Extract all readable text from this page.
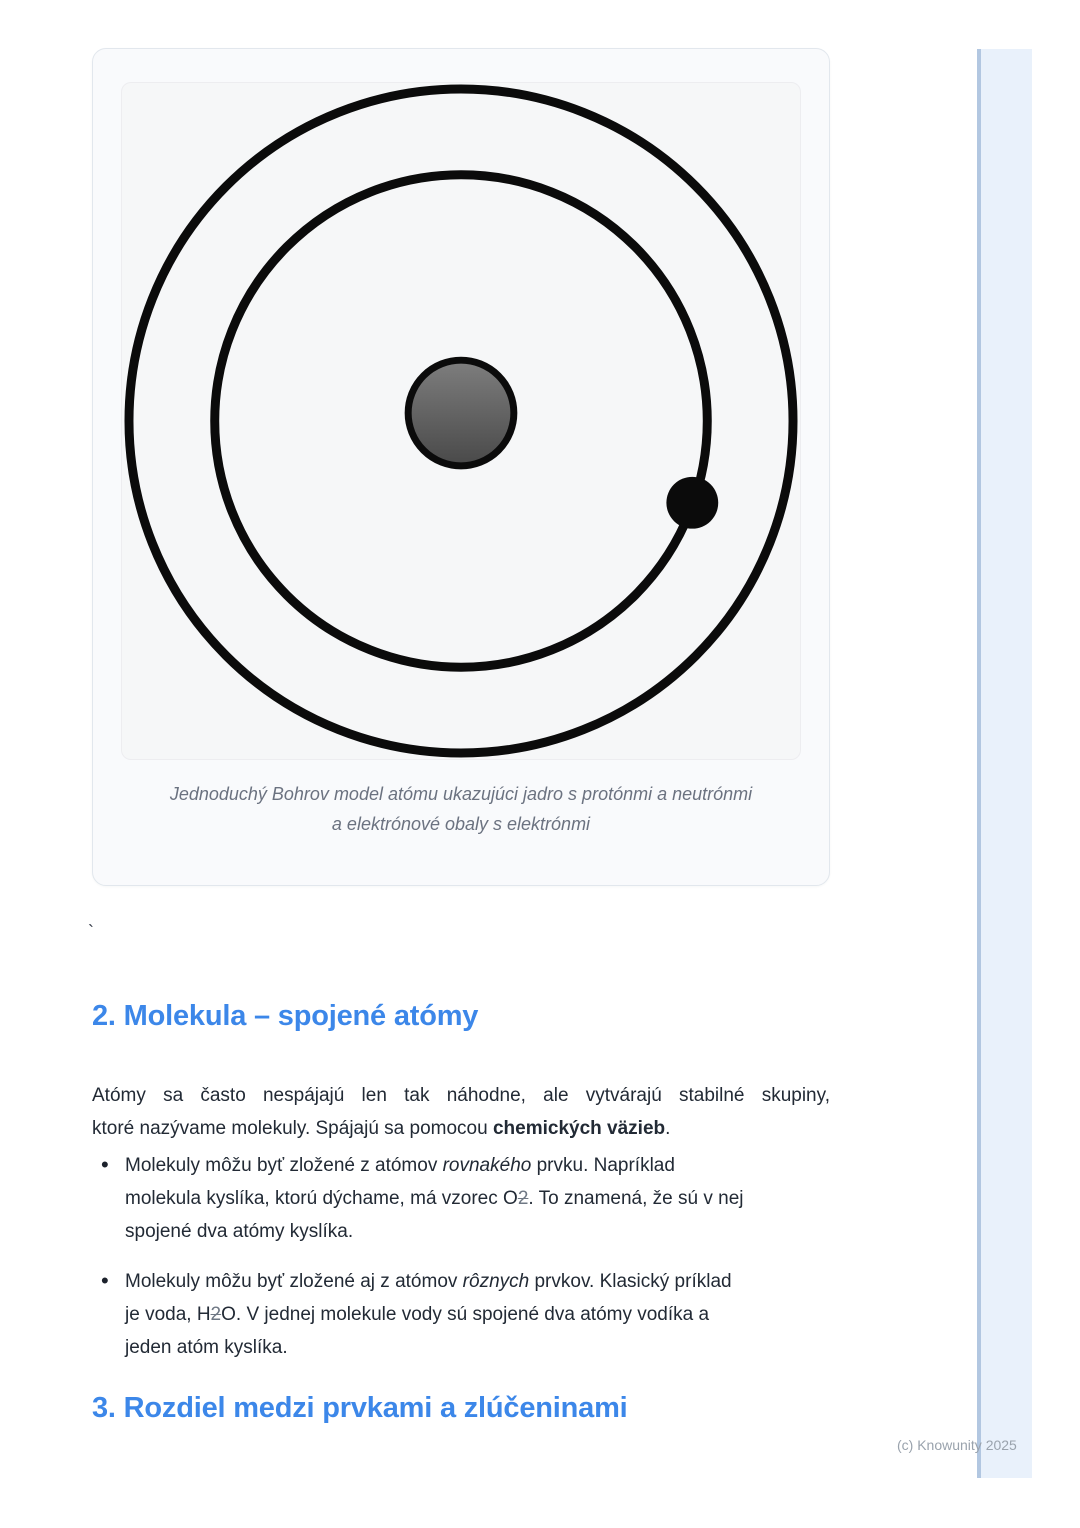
Jednoduchý Bohrov model atómu ukazujúci jadro s protónmi a neutrónmi
a elektrónové obaly s elektrónmi
`
2. Molekula – spojené atómy

Atómy sa často nespájajú len tak náhodne, ale vytvárajú stabilné skupiny,
ktoré nazývame molekuly. Spájajú sa pomocou chemických väzieb.

• Molekuly môžu byť zložené z atómov rovnakého prvku. Napríklad
molekula kyslíka, ktorú dýchame, má vzorec O2. To znamená, že sú v nej
spojené dva atómy kyslíka.
• Molekuly môžu byť zložené aj z atómov rôznych prvkov. Klasický príklad
je voda, H2O. V jednej molekule vody sú spojené dva atómy vodíka a
jeden atóm kyslíka.
3. Rozdiel medzi prvkami a zlúčeninami
(c) Knowunity 2025
